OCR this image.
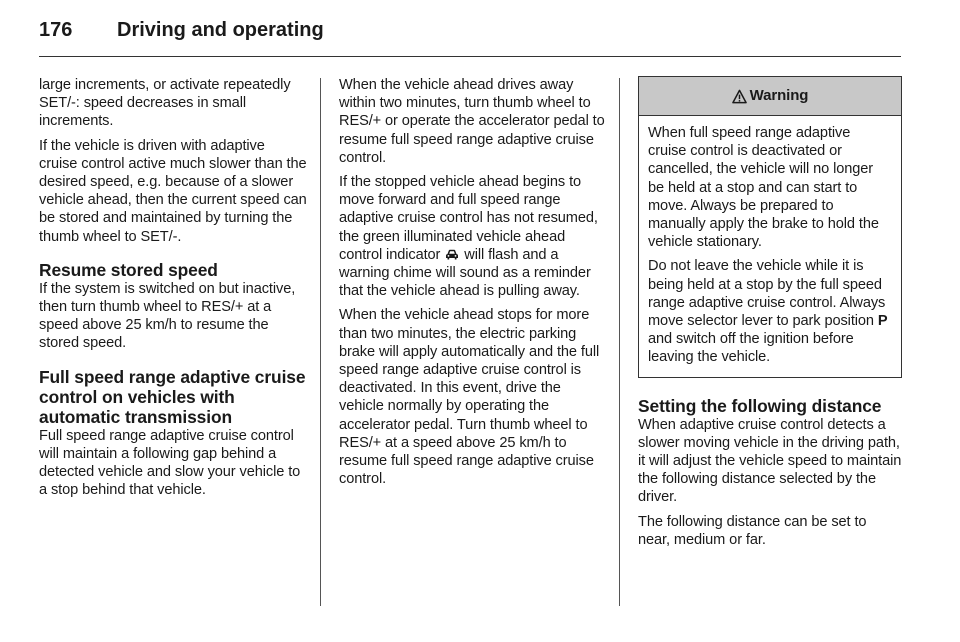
176	Driving and operating

large increments, or activate repeatedly SET/-: speed decreases in small increments.

If the vehicle is driven with adaptive cruise control active much slower than the desired speed, e.g. because of a slower vehicle ahead, then the current speed can be stored and maintained by turning the thumb wheel to SET/-.

Resume stored speed

If the system is switched on but inactive, then turn thumb wheel to RES/+ at a speed above 25 km/h to resume the stored speed.

Full speed range adaptive cruise control on vehicles with automatic transmission

Full speed range adaptive cruise control will maintain a following gap behind a detected vehicle and slow your vehicle to a stop behind that vehicle.

When the vehicle ahead drives away within two minutes, turn thumb wheel to RES/+ or operate the accelerator pedal to resume full speed range adaptive cruise control.

If the stopped vehicle ahead begins to move forward and full speed range adaptive cruise control has not resumed, the green illuminated vehicle ahead control indicator will flash and a warning chime will sound as a reminder that the vehicle ahead is pulling away.

When the vehicle ahead stops for more than two minutes, the electric parking brake will apply automatically and the full speed range adaptive cruise control is deactivated. In this event, drive the vehicle normally by operating the accelerator pedal. Turn thumb wheel to RES/+ at a speed above 25 km/h to resume full speed range adaptive cruise control.

Warning

When full speed range adaptive cruise control is deactivated or cancelled, the vehicle will no longer be held at a stop and can start to move. Always be prepared to manually apply the brake to hold the vehicle stationary.

Do not leave the vehicle while it is being held at a stop by the full speed range adaptive cruise control. Always move selector lever to park position P and switch off the ignition before leaving the vehicle.

Setting the following distance

When adaptive cruise control detects a slower moving vehicle in the driving path, it will adjust the vehicle speed to maintain the following distance selected by the driver.

The following distance can be set to near, medium or far.
